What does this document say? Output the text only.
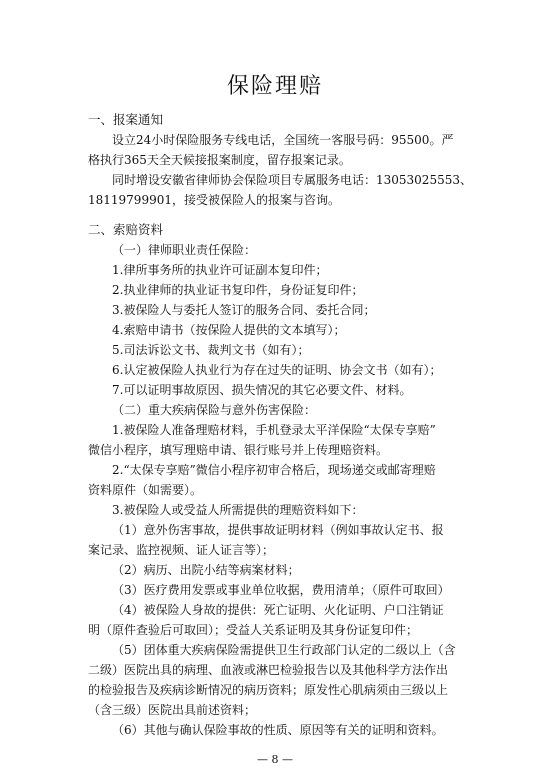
保险理赔
一、报案通知
设立24小时保险服务专线电话，全国统一客服号码：95500。严
格执行365天全天候接报案制度，留存报案记录。
同时增设安徽省律师协会保险项目专属服务电话：13053025553、
18119799901，接受被保险人的报案与咨询。
二、索赔资料
（一）律师职业责任保险：
1.律所事务所的执业许可证副本复印件；
2.执业律师的执业证书复印件，身份证复印件；
3.被保险人与委托人签订的服务合同、委托合同；
4.索赔申请书（按保险人提供的文本填写）；
5.司法诉讼文书、裁判文书（如有）；
6.认定被保险人执业行为存在过失的证明、协会文书（如有）；
7.可以证明事故原因、损失情况的其它必要文件、材料。
（二）重大疾病保险与意外伤害保险：
1.被保险人准备理赔材料，手机登录太平洋保险“太保专享赔”
微信小程序，填写理赔申请、银行账号并上传理赔资料。
2.“太保专享赔”微信小程序初审合格后，现场递交或邮寄理赔
资料原件（如需要）。
3.被保险人或受益人所需提供的理赔资料如下：
（1）意外伤害事故，提供事故证明材料（例如事故认定书、报
案记录、监控视频、证人证言等）；
（2）病历、出院小结等病案材料；
（3）医疗费用发票或事业单位收据，费用清单；（原件可取回）
（4）被保险人身故的提供：死亡证明、火化证明、户口注销证
明（原件查验后可取回）；受益人关系证明及其身份证复印件；
（5）团体重大疾病保险需提供卫生行政部门认定的二级以上（含
二级）医院出具的病理、血液或淋巴检验报告以及其他科学方法作出
的检验报告及疾病诊断情况的病历资料；原发性心肌病须由三级以上
（含三级）医院出具前述资料；
（6）其他与确认保险事故的性质、原因等有关的证明和资料。
— 8 —
